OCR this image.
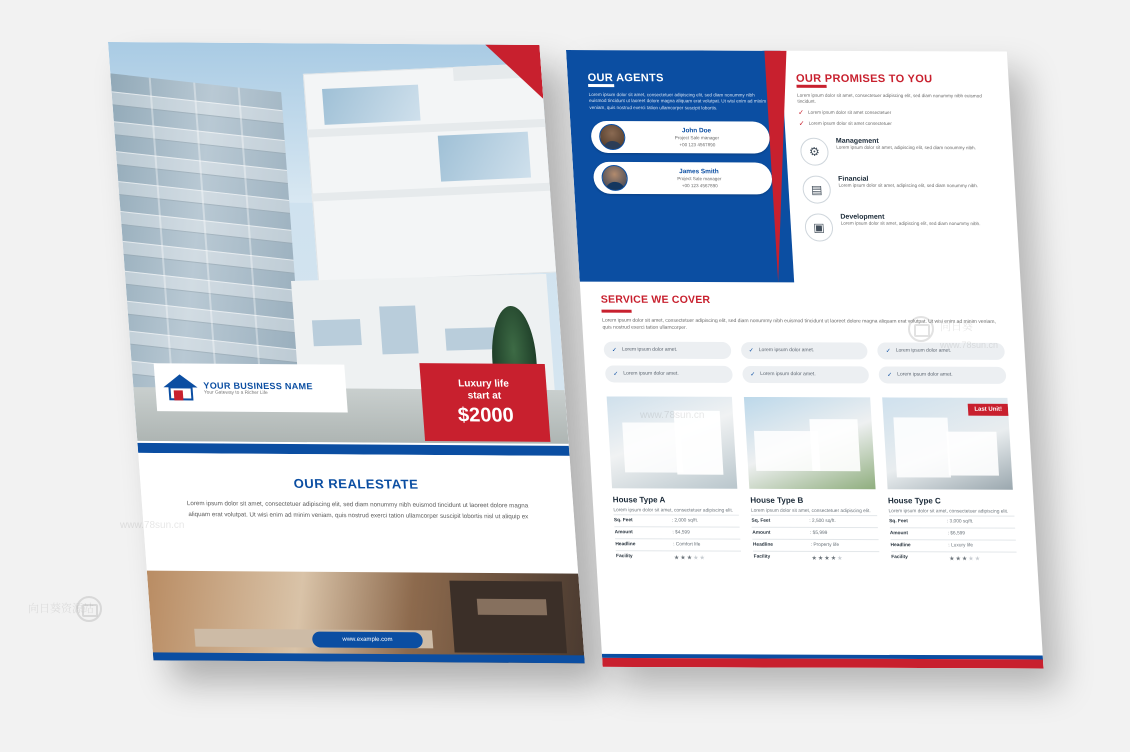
YOUR BUSINESS NAME
Your Gateway to a Richer Life
Luxury life
start at
$2000
OUR REALESTATE
Lorem ipsum dolor sit amet, consectetuer adipiscing elit, sed diam nonummy nibh euismod tincidunt ut laoreet dolore magna aliquam erat volutpat. Ut wisi enim ad minim veniam, quis nostrud exerci tation ullamcorper suscipit lobortis nisl ut aliquip ex
www.example.com
OUR AGENTS
Lorem ipsum dolor sit amet, consectetuer adipiscing elit, sed diam nonummy nibh euismod tincidunt ut laoreet dolore magna aliquam erat volutpat. Ut wisi enim ad minim veniam, quis nostrud exerci tation ullamcorper suscipit lobortis.
John Doe
Project Sale manager
+00 123 4567890
James Smith
Project Sale manager
+00 123 4567890
OUR PROMISES TO YOU
Lorem ipsum dolor sit amet, consectetuer adipiscing elit, sed diam nonummy nibh euismod tincidunt.
✓ Lorem ipsum dolor sit amet consectetuer
✓ Lorem ipsum dolor sit amet consectetuer
⚙
Management
Lorem ipsum dolor sit amet, adipiscing elit, sed diam nonummy nibh.
▤
Financial
Lorem ipsum dolor sit amet, adipiscing elit, sed diam nonummy nibh.
▣
Development
Lorem ipsum dolor sit amet, adipiscing elit, sed diam nonummy nibh.
SERVICE WE COVER
Lorem ipsum dolor sit amet, consectetuer adipiscing elit, sed diam nonummy nibh euismod tincidunt ut laoreet dolore magna aliquam erat volutpat. Ut wisi enim ad minim veniam, quis nostrud exerci tation ullamcorper.
✓ Lorem ipsum dolor amet.	✓ Lorem ipsum dolor amet.	✓ Lorem ipsum dolor amet.
✓ Lorem ipsum dolor amet.	✓ Lorem ipsum dolor amet.	✓ Lorem ipsum dolor amet.
House Type A
Lorem ipsum dolor sit amet, consectetuer adipiscing elit.
Sq. Feet	: 2,000 sq/ft.
Amount	: $4,599
Headline	: Comfort life
Facility	★★★★★
House Type B
Lorem ipsum dolor sit amet, consectetuer adipiscing elit.
Sq. Feet	: 2,500 sq/ft.
Amount	: $5,999
Headline	: Property life
Facility	★★★★★
Last Unit!
House Type C
Lorem ipsum dolor sit amet, consectetuer adipiscing elit.
Sq. Feet	: 3,000 sq/ft.
Amount	: $6,599
Headline	: Luxury life
Facility	★★★★★
向日葵资源站
